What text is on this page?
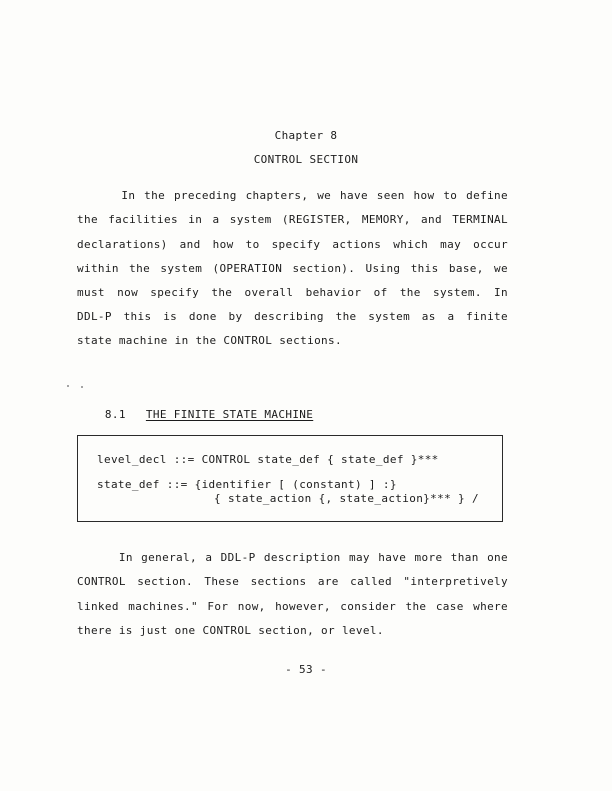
Chapter 8
CONTROL SECTION
In the preceding chapters, we have seen how to define
the facilities in a system (REGISTER, MEMORY, and TERMINAL
declarations) and how to specify actions which may occur
within the system (OPERATION section). Using this base, we
must now specify the overall behavior of the system. In
DDL-P this is done by describing the system as a finite
state machine in the CONTROL sections.

8.1 THE FINITE STATE MACHINE

level_decl ::= CONTROL state_def { state_def }***
state_def ::= {identifier [ (constant) ] :}
{ state_action {, state_action}*** } /
In general, a DDL-P description may have more than one
CONTROL section. These sections are called "interpretively
linked machines." For now, however, consider the case where
there is just one CONTROL section, or level.
- 53 -
